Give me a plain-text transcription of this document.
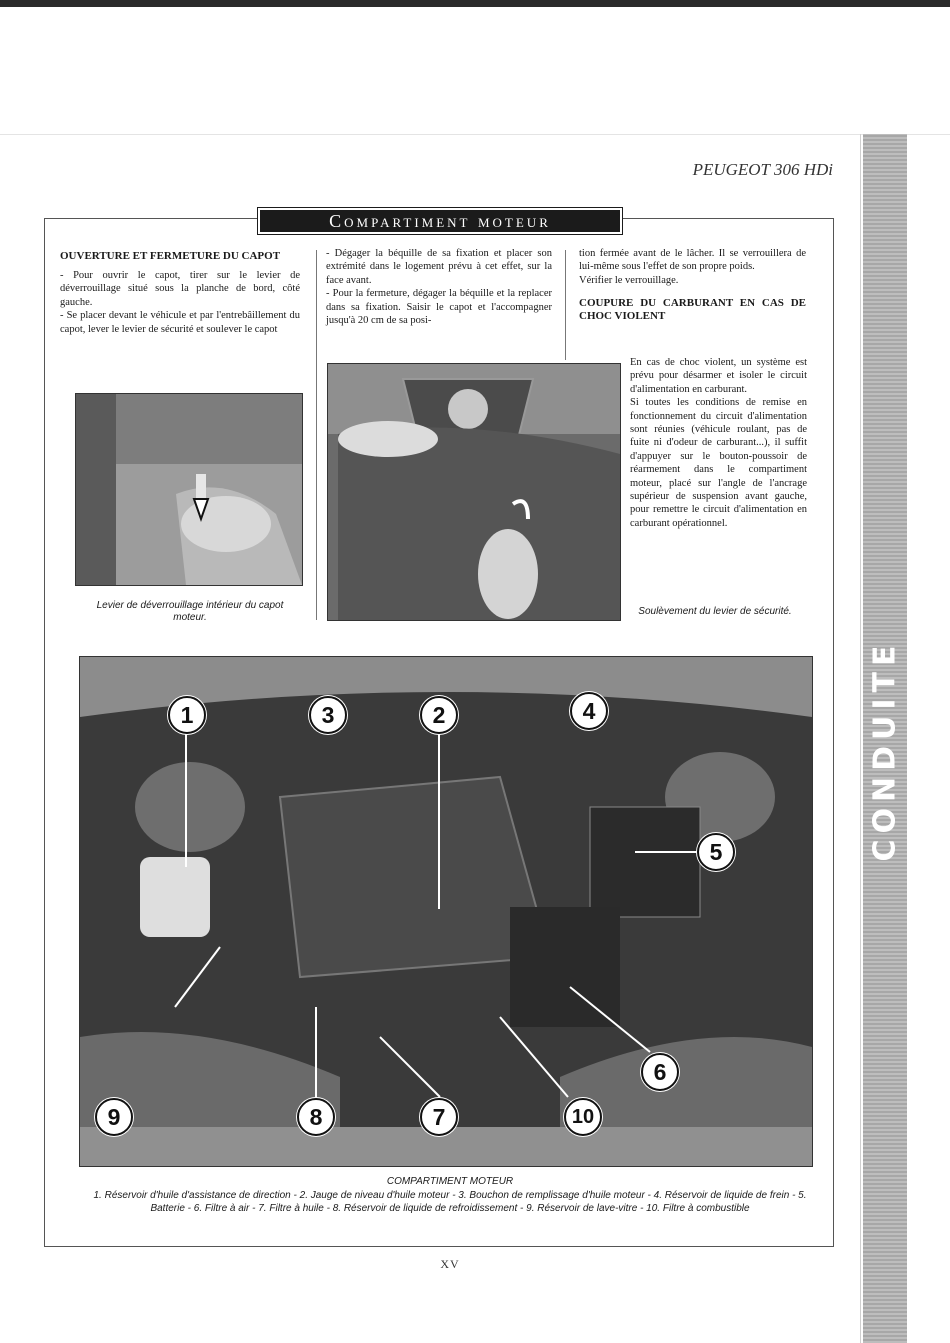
CONDUITE
PEUGEOT 306 HDi
Compartiment moteur

OUVERTURE ET FERMETURE DU CAPOT

- Pour ouvrir le capot, tirer sur le levier de déverrouillage situé sous la planche de bord, côté gauche.

- Se placer devant le véhicule et par l'entrebâillement du capot, lever le levier de sécurité et soulever le capot

- Dégager la béquille de sa fixation et placer son extrémité dans le logement prévu à cet effet, sur la face avant.

- Pour la fermeture, dégager la béquille et la replacer dans sa fixation. Saisir le capot et l'accompagner jusqu'à 20 cm de sa posi-

tion fermée avant de le lâcher. Il se verrouillera de lui-même sous l'effet de son propre poids.

Vérifier le verrouillage.

COUPURE DU CARBURANT EN CAS DE CHOC VIOLENT

En cas de choc violent, un système est prévu pour désarmer et isoler le circuit d'alimentation en carburant.

Si toutes les conditions de remise en fonctionnement du circuit d'alimentation sont réunies (véhicule roulant, pas de fuite ni d'odeur de carburant...), il suffit d'appuyer sur le bouton-poussoir de réarmement dans le compartiment moteur, placé sur l'angle de l'ancrage supérieur de suspension avant gauche, pour remettre le circuit d'alimentation en carburant opérationnel.

Levier de déverrouillage intérieur du capot moteur.
Soulèvement du levier de sécurité.
1	2
3	4
5
6
7
8
9	10
COMPARTIMENT MOTEUR
1. Réservoir d'huile d'assistance de direction - 2. Jauge de niveau d'huile moteur - 3. Bouchon de remplissage d'huile moteur - 4. Réservoir de liquide de frein - 5. Batterie - 6. Filtre à air - 7. Filtre à huile - 8. Réservoir de liquide de refroidissement - 9. Réservoir de lave-vitre - 10. Filtre à combustible
XV
